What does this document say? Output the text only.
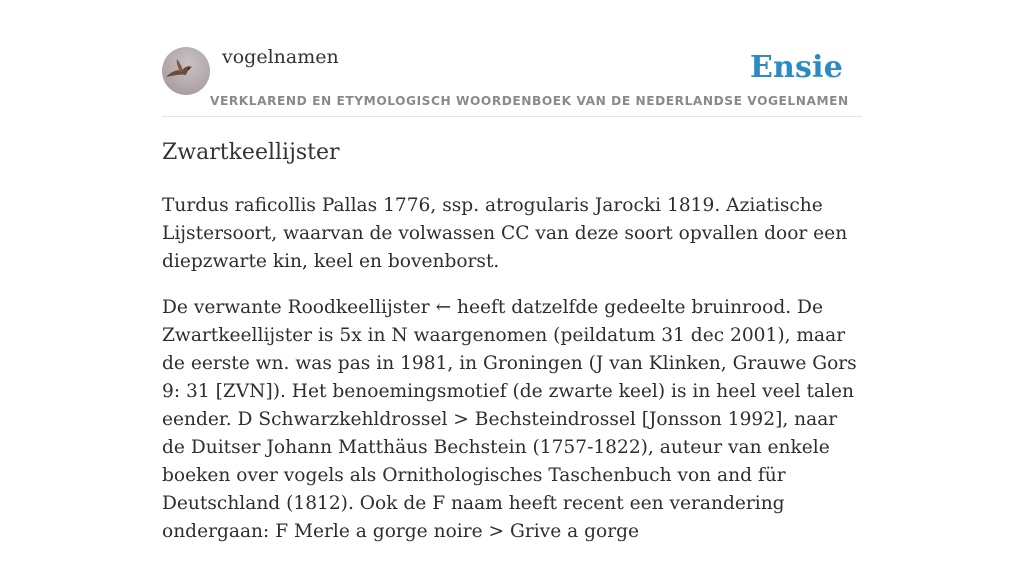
vogelnamen	Ensie
VERKLAREND EN ETYMOLOGISCH WOORDENBOEK VAN DE NEDERLANDSE VOGELNAMEN
Zwartkeellijster

Turdus raficollis Pallas 1776, ssp. atrogularis Jarocki 1819. Aziatische Lijstersoort, waarvan de volwassen CC van deze soort opvallen door een diepzwarte kin, keel en bovenborst.

De verwante Roodkeellijster ← heeft datzelfde gedeelte bruinrood. De Zwartkeellijster is 5x in N waargenomen (peildatum 31 dec 2001), maar de eerste wn. was pas in 1981, in Groningen (J van Klinken, Grauwe Gors 9: 31 [ZVN]). Het benoemingsmotief (de zwarte keel) is in heel veel talen eender. D Schwarzkehldrossel > Bechsteindrossel [Jonsson 1992], naar de Duitser Johann Matthäus Bechstein (1757-1822), auteur van enkele boeken over vogels als Ornithologisches Taschenbuch von and für Deutschland (1812). Ook de F naam heeft recent een verandering ondergaan: F Merle a gorge noire > Grive a gorge
